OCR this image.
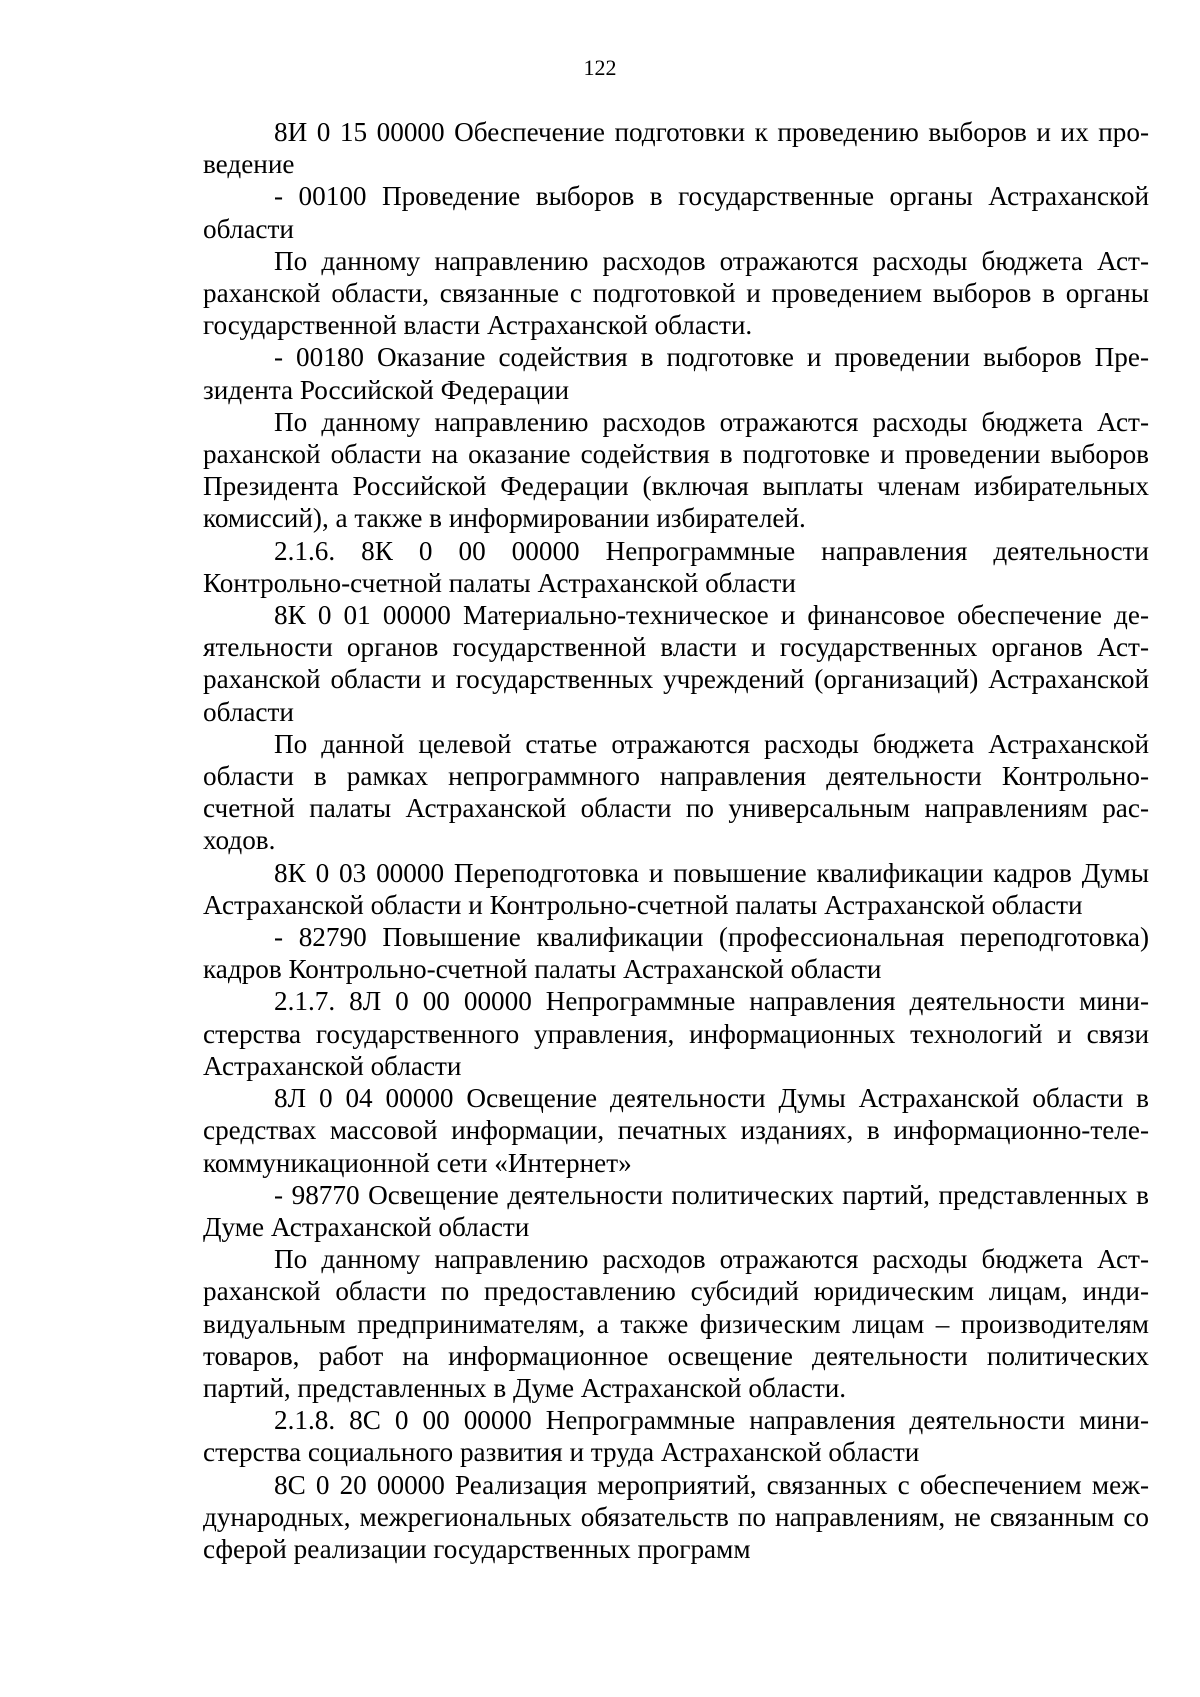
122

8И 0 15 00000 Обеспечение подготовки к проведению выборов и их проведение

- 00100 Проведение выборов в государственные органы Астраханской области

По данному направлению расходов отражаются расходы бюджета Астраханской области, связанные с подготовкой и проведением выборов в органы государственной власти Астраханской области.

- 00180 Оказание содействия в подготовке и проведении выборов Президента Российской Федерации

По данному направлению расходов отражаются расходы бюджета Астраханской области на оказание содействия в подготовке и проведении выборов Президента Российской Федерации (включая выплаты членам избирательных комиссий), а также в информировании избирателей.

2.1.6. 8К 0 00 00000 Непрограммные направления деятельности Контрольно-счетной палаты Астраханской области

8К 0 01 00000 Материально-техническое и финансовое обеспечение деятельности органов государственной власти и государственных органов Астраханской области и государственных учреждений (организаций) Астраханской области

По данной целевой статье отражаются расходы бюджета Астраханской области в рамках непрограммного направления деятельности Контрольно-счетной палаты Астраханской области по универсальным направлениям расходов.

8К 0 03 00000 Переподготовка и повышение квалификации кадров Думы Астраханской области и Контрольно-счетной палаты Астраханской области

- 82790 Повышение квалификации (профессиональная переподготовка) кадров Контрольно-счетной палаты Астраханской области

2.1.7. 8Л 0 00 00000 Непрограммные направления деятельности министерства государственного управления, информационных технологий и связи Астраханской области

8Л 0 04 00000 Освещение деятельности Думы Астраханской области в средствах массовой информации, печатных изданиях, в информационно-телекоммуникационной сети «Интернет»

- 98770 Освещение деятельности политических партий, представленных в Думе Астраханской области

По данному направлению расходов отражаются расходы бюджета Астраханской области по предоставлению субсидий юридическим лицам, индивидуальным предпринимателям, а также физическим лицам – производителям товаров, работ на информационное освещение деятельности политических партий, представленных в Думе Астраханской области.

2.1.8. 8С 0 00 00000 Непрограммные направления деятельности министерства социального развития и труда Астраханской области

8С 0 20 00000 Реализация мероприятий, связанных с обеспечением международных, межрегиональных обязательств по направлениям, не связанным со сферой реализации государственных программ
